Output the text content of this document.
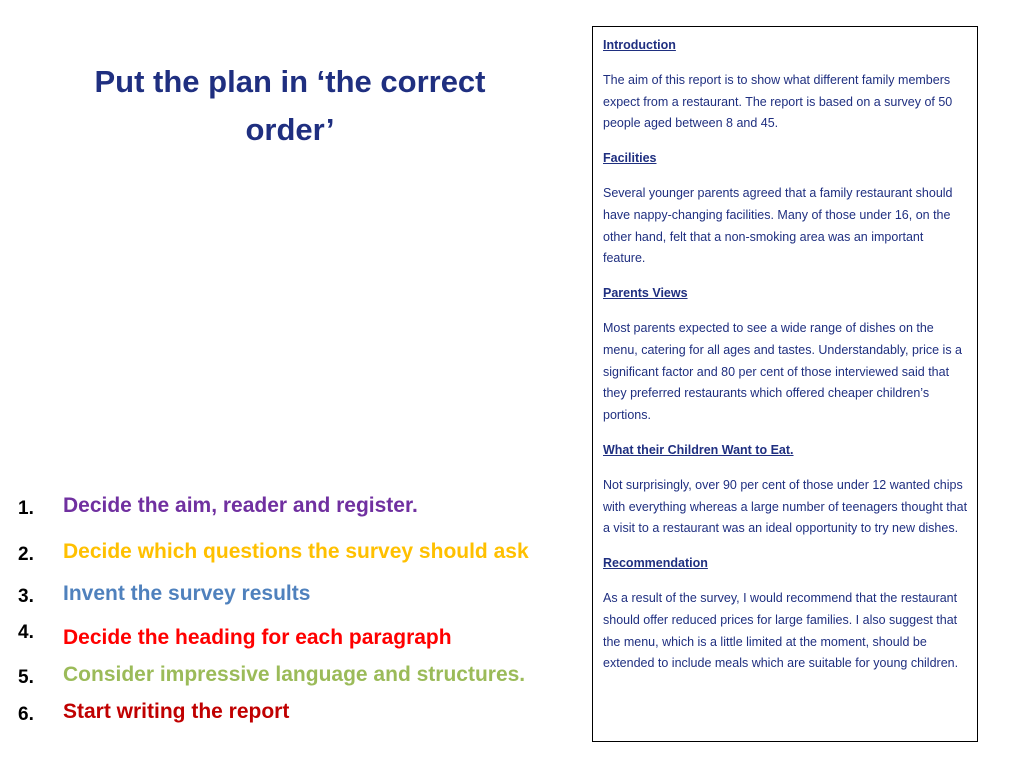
Put the plan in ‘the correct order’
1. Decide the aim, reader and register.
2. Decide which questions the survey should ask
3. Invent the survey results
4. Decide the heading for each paragraph
5. Consider impressive language and structures.
6. Start writing the report
Introduction
The aim of this report is to show what different family members expect from a restaurant. The report is based on a survey of 50 people aged between 8 and 45.
Facilities
Several younger parents agreed that a family restaurant should have nappy-changing facilities. Many of those under 16, on the other hand, felt that a non-smoking area was an important feature.
Parents Views
Most parents expected to see a wide range of dishes on the menu, catering for all ages and tastes. Understandably, price is a significant factor and 80 per cent of those interviewed said that they preferred restaurants which offered cheaper children’s portions.
What their Children Want to Eat.
Not surprisingly, over 90 per cent of those under 12 wanted chips with everything whereas a large number of teenagers thought that a visit to a restaurant was an ideal opportunity to try new dishes.
Recommendation
As a result of the survey, I would recommend that the restaurant should offer reduced prices for large families. I also suggest that the menu, which is a little limited at the moment, should be extended to include meals which are suitable for young children.
